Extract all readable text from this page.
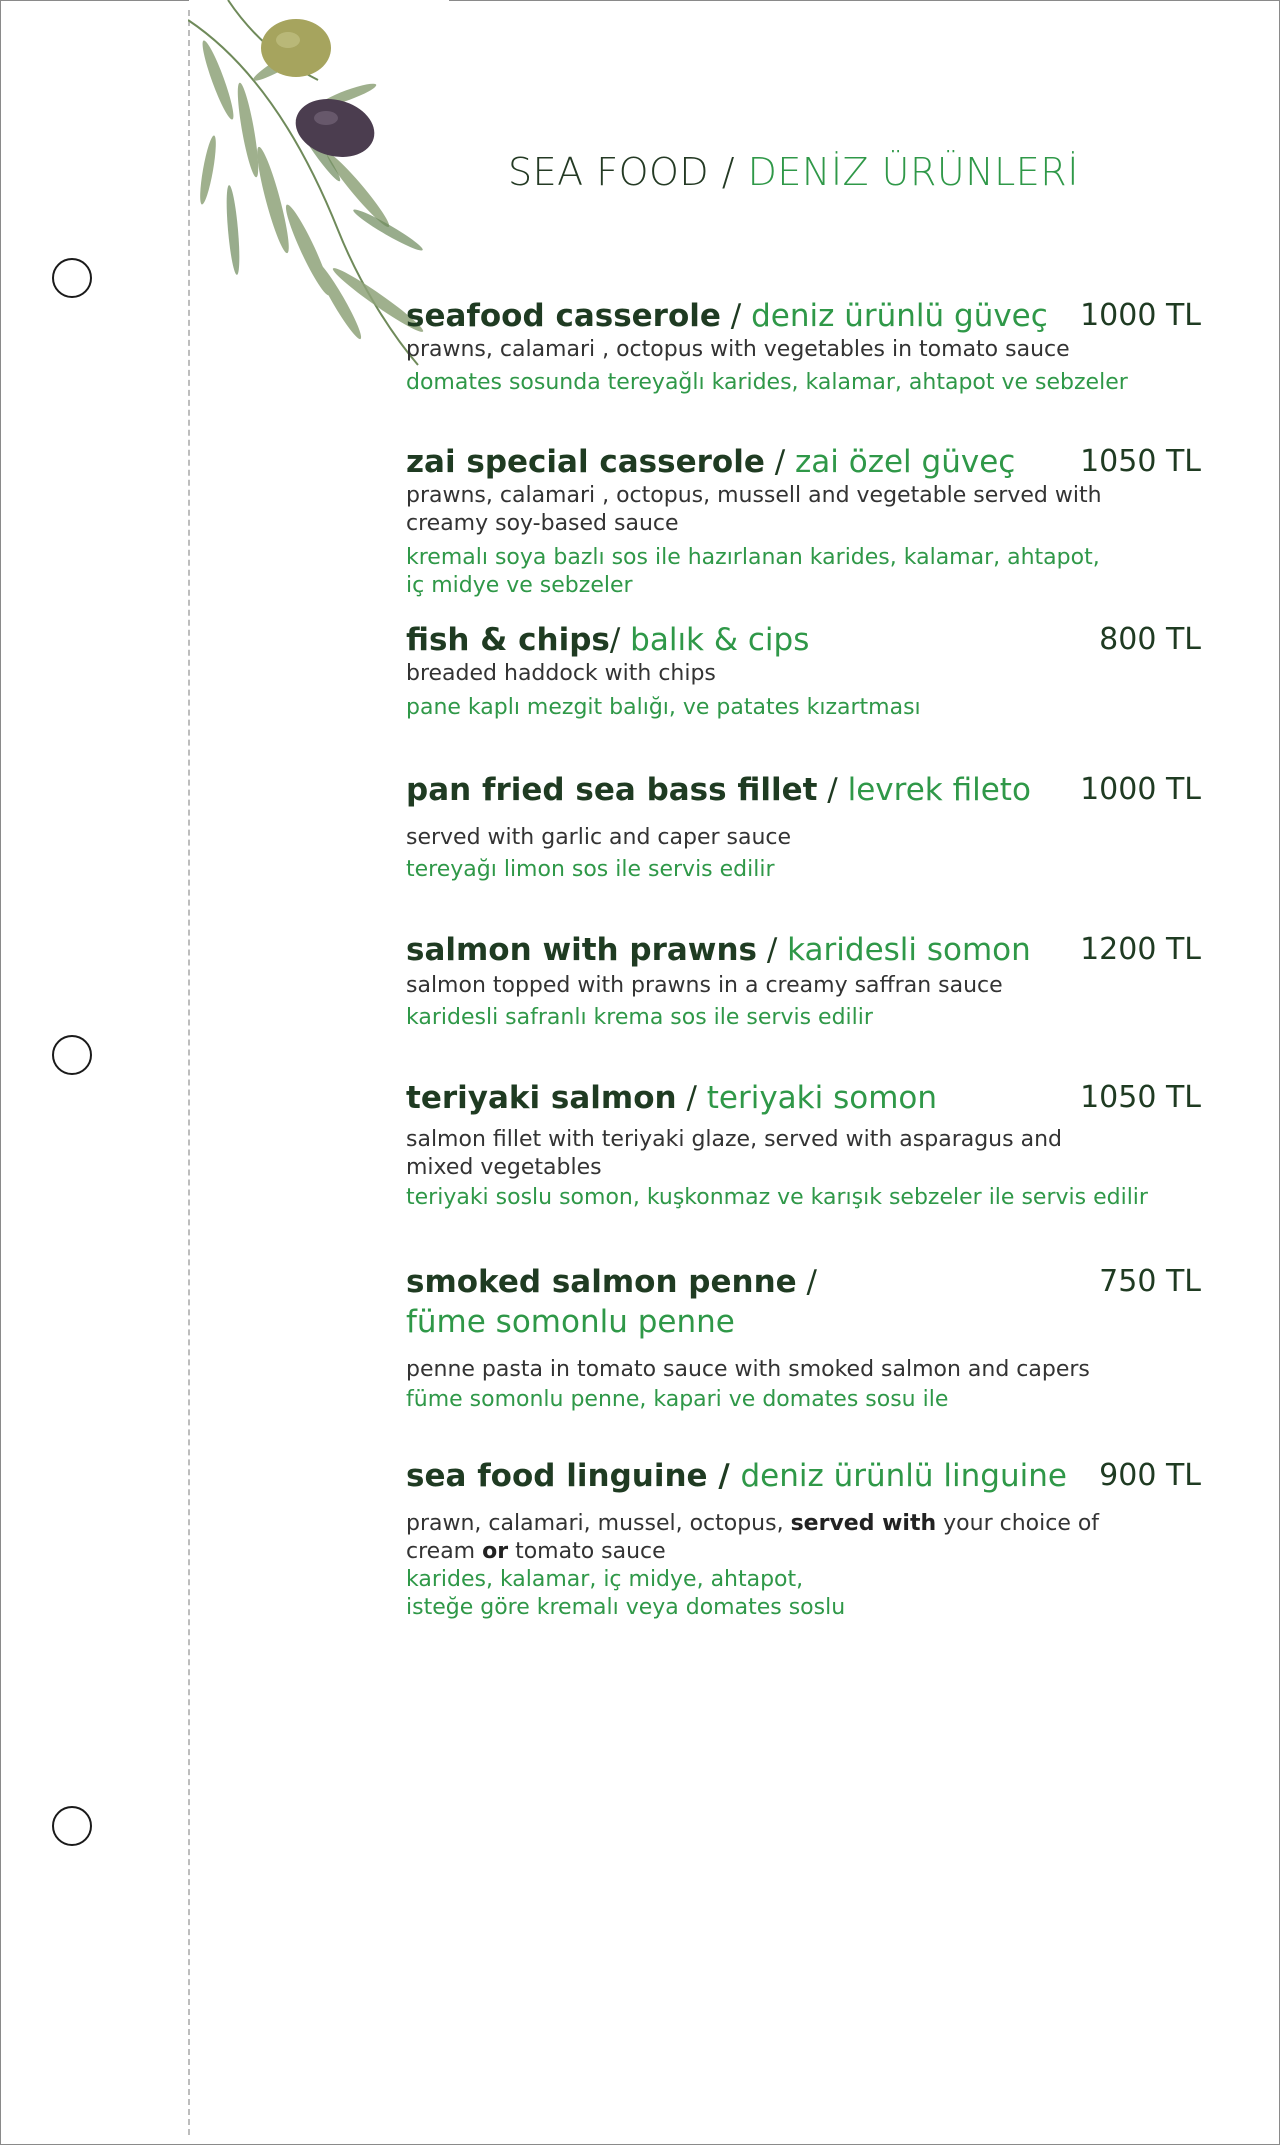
SEA FOOD / DENİZ ÜRÜNLERİ
seafood casserole / deniz ürünlü güveç 1000 TL
prawns, calamari , octopus with vegetables in tomato sauce
domates sosunda tereyağlı karides, kalamar, ahtapot ve sebzeler
zai special casserole / zai özel güveç 1050 TL
prawns, calamari , octopus, mussell and vegetable served with
creamy soy-based sauce
kremalı soya bazlı sos ile hazırlanan karides, kalamar, ahtapot,
iç midye ve sebzeler
fish & chips/ balık & cips	800 TL
breaded haddock with chips
pane kaplı mezgit balığı, ve patates kızartması
pan fried sea bass fillet / levrek fileto 1000 TL
served with garlic and caper sauce
tereyağı limon sos ile servis edilir
salmon with prawns / karidesli somon 1200 TL
salmon topped with prawns in a creamy saffran sauce
karidesli safranlı krema sos ile servis edilir
teriyaki salmon / teriyaki somon	1050 TL
salmon fillet with teriyaki glaze, served with asparagus and
mixed vegetables
teriyaki soslu somon, kuşkonmaz ve karışık sebzeler ile servis edilir
smoked salmon penne /	750 TL
füme somonlu penne
penne pasta in tomato sauce with smoked salmon and capers
füme somonlu penne, kapari ve domates sosu ile
sea food linguine / deniz ürünlü linguine 900 TL
prawn, calamari, mussel, octopus, served with your choice of
cream or tomato sauce
karides, kalamar, iç midye, ahtapot,
isteğe göre kremalı veya domates soslu
